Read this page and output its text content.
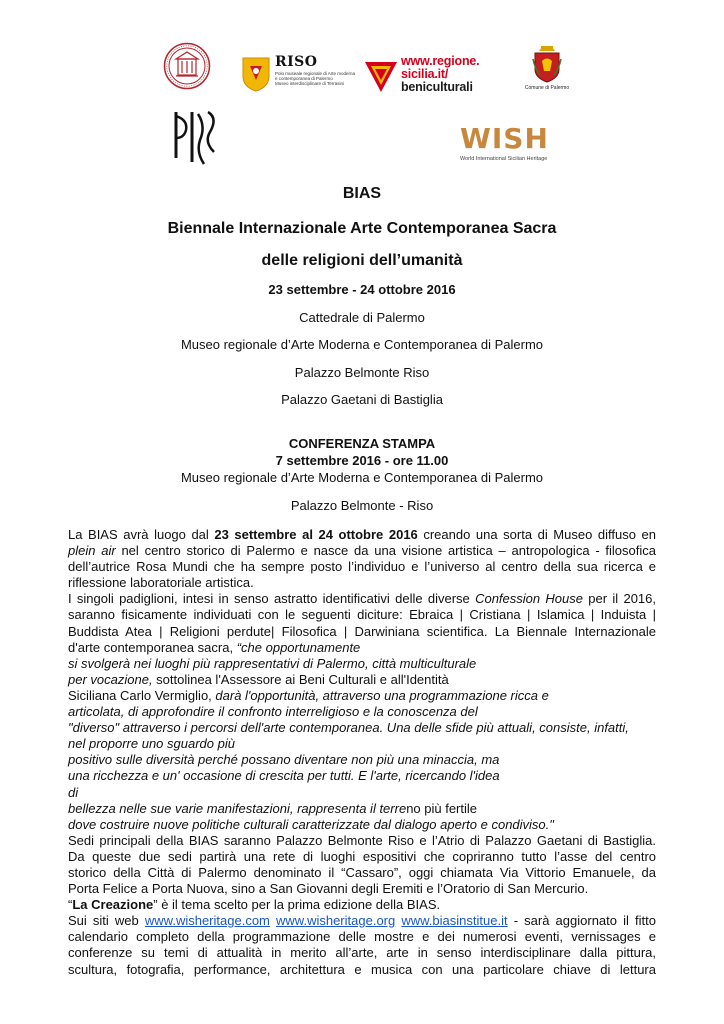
RISO
Polo museale regionale di Arte moderna
e contemporanea di Palermo
Museo interdisciplinare di Terrasini
www.regione.
sicilia.it/
beniculturali	Comune di Palermo
WISH
World International Sicilian Heritage
BIAS
Biennale Internazionale Arte Contemporanea Sacra
delle religioni dell’umanità
23 settembre - 24 ottobre 2016
Cattedrale di Palermo
Museo regionale d’Arte Moderna e Contemporanea di Palermo
Palazzo Belmonte Riso
Palazzo Gaetani di Bastiglia
CONFERENZA STAMPA
7 settembre 2016 - ore 11.00
Museo regionale d’Arte Moderna e Contemporanea di Palermo
Palazzo Belmonte - Riso

La BIAS avrà luogo dal 23 settembre al 24 ottobre 2016 creando una sorta di Museo diffuso en
plein air nel centro storico di Palermo e nasce da una visione artistica – antropologica - filosofica
dell’autrice Rosa Mundi che ha sempre posto l’individuo e l’universo al centro della sua ricerca e
riflessione laboratoriale artistica.

I singoli padiglioni, intesi in senso astratto identificativi delle diverse Confession House per il 2016,
saranno fisicamente individuati con le seguenti diciture: Ebraica | Cristiana | Islamica | Induista |
Buddista Atea | Religioni perdute| Filosofica | Darwiniana scientifica. La Biennale Internazionale
d'arte contemporanea sacra, “che opportunamente
si svolgerà nei luoghi più rappresentativi di Palermo, città multiculturale
per vocazione, sottolinea l'Assessore ai Beni Culturali e all'Identità
Siciliana Carlo Vermiglio, darà l'opportunità, attraverso una programmazione ricca e
articolata, di approfondire il confronto interreligioso e la conoscenza del
"diverso" attraverso i percorsi dell'arte contemporanea. Una delle sfide più attuali, consiste, infatti,
nel proporre uno sguardo più
positivo sulle diversità perché possano diventare non più una minaccia, ma
una ricchezza e un' occasione di crescita per tutti. E l'arte, ricercando l'idea
di
bellezza nelle sue varie manifestazioni, rappresenta il terreno più fertile
dove costruire nuove politiche culturali caratterizzate dal dialogo aperto e condiviso."

Sedi principali della BIAS saranno Palazzo Belmonte Riso e l’Atrio di Palazzo Gaetani di Bastiglia.
Da queste due sedi partirà una rete di luoghi espositivi che copriranno tutto l’asse del centro
storico della Città di Palermo denominato il “Cassaro”, oggi chiamata Via Vittorio Emanuele, da
Porta Felice a Porta Nuova, sino a San Giovanni degli Eremiti e l’Oratorio di San Mercurio.

“La Creazione” è il tema scelto per la prima edizione della BIAS.

Sui siti web www.wisheritage.com www.wisheritage.org www.biasinstitue.it - sarà aggiornato il fitto
calendario completo della programmazione delle mostre e dei numerosi eventi, vernissages e
conferenze su temi di attualità in merito all’arte, arte in senso interdisciplinare dalla pittura,
scultura, fotografia, performance, architettura e musica con una particolare chiave di lettura
